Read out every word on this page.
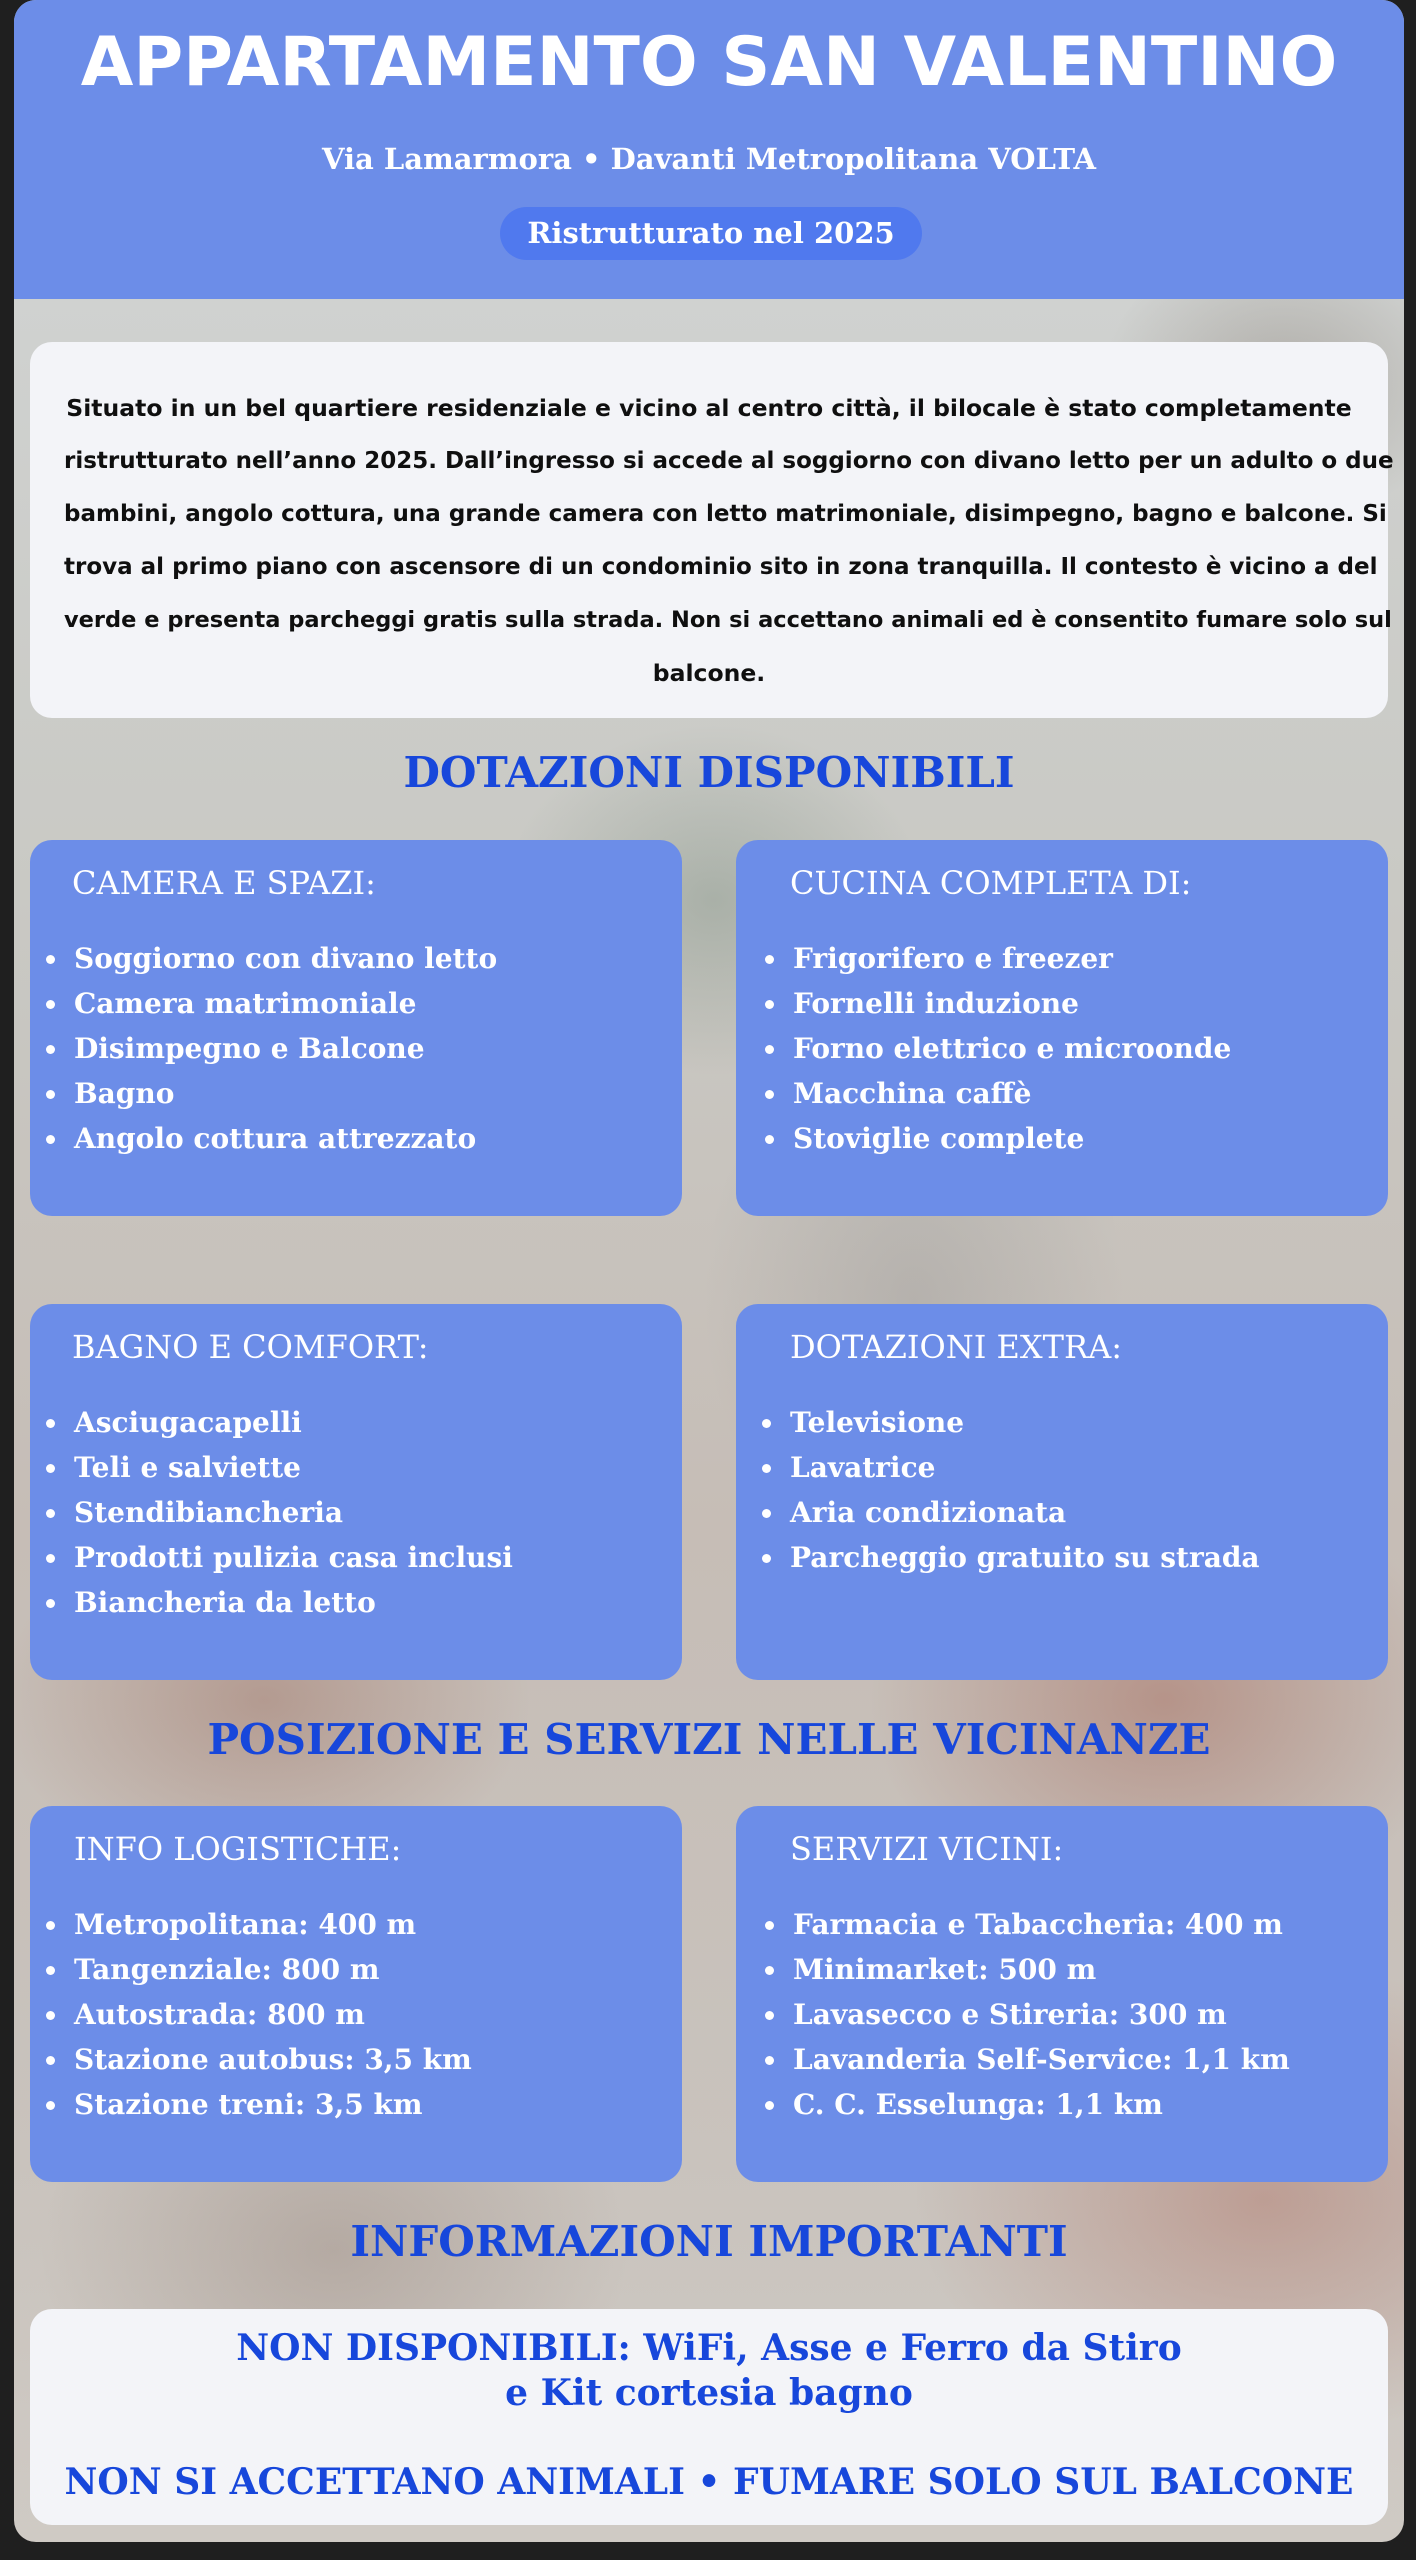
APPARTAMENTO SAN VALENTINO
Via Lamarmora • Davanti Metropolitana VOLTA
Ristrutturato nel 2025
Situato in un bel quartiere residenziale e vicino al centro città, il bilocale è stato completamente
ristrutturato nell’anno 2025. Dall’ingresso si accede al soggiorno con divano letto per un adulto o due
bambini, angolo cottura, una grande camera con letto matrimoniale, disimpegno, bagno e balcone. Si
trova al primo piano con ascensore di un condominio sito in zona tranquilla. Il contesto è vicino a del
verde e presenta parcheggi gratis sulla strada. Non si accettano animali ed è consentito fumare solo sul
balcone.
DOTAZIONI DISPONIBILI
CAMERA E SPAZI:
Soggiorno con divano letto
Camera matrimoniale
Disimpegno e Balcone
Bagno
Angolo cottura attrezzato
CUCINA COMPLETA DI:
Frigorifero e freezer
Fornelli induzione
Forno elettrico e microonde
Macchina caffè
Stoviglie complete
BAGNO E COMFORT:
Asciugacapelli
Teli e salviette
Stendibiancheria
Prodotti pulizia casa inclusi
Biancheria da letto
DOTAZIONI EXTRA:
Televisione
Lavatrice
Aria condizionata
Parcheggio gratuito su strada
POSIZIONE E SERVIZI NELLE VICINANZE
INFO LOGISTICHE:
Metropolitana: 400 m
Tangenziale: 800 m
Autostrada: 800 m
Stazione autobus: 3,5 km
Stazione treni: 3,5 km
SERVIZI VICINI:
Farmacia e Tabaccheria: 400 m
Minimarket: 500 m
Lavasecco e Stireria: 300 m
Lavanderia Self-Service: 1,1 km
C. C. Esselunga: 1,1 km
INFORMAZIONI IMPORTANTI
NON DISPONIBILI: WiFi, Asse e Ferro da Stiro
e Kit cortesia bagno
NON SI ACCETTANO ANIMALI • FUMARE SOLO SUL BALCONE
